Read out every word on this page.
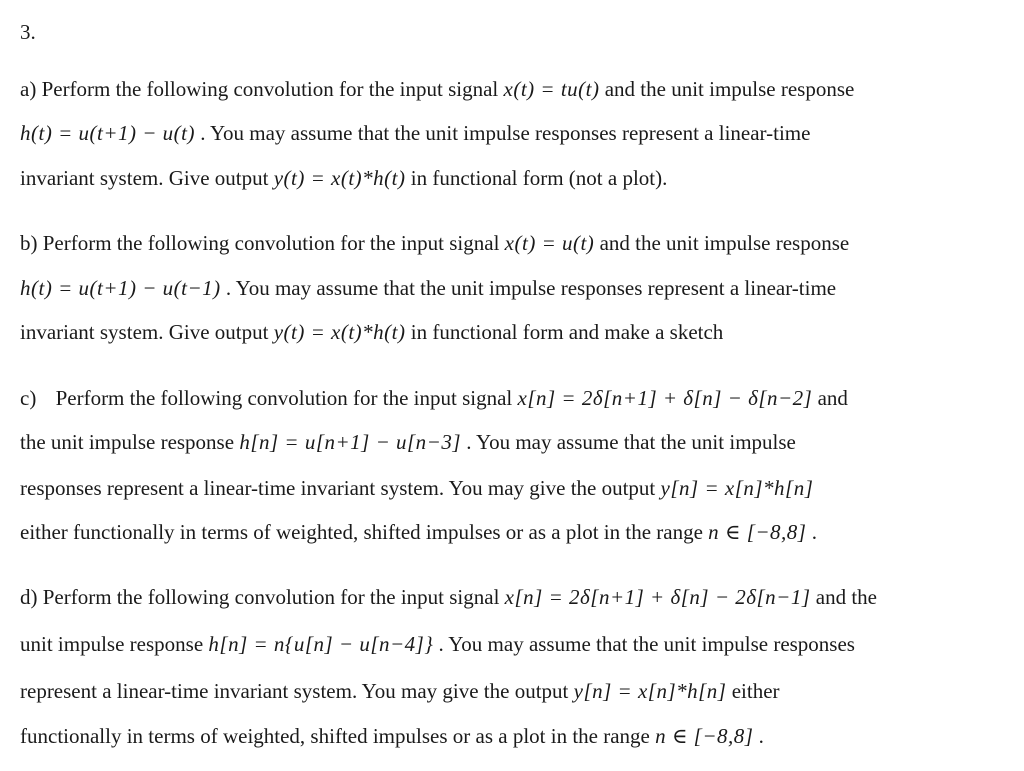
3.
a) Perform the following convolution for the input signal x(t) = tu(t) and the unit impulse response
h(t) = u(t+1) − u(t) . You may assume that the unit impulse responses represent a linear-time
invariant system. Give output y(t) = x(t)*h(t) in functional form (not a plot).
b) Perform the following convolution for the input signal x(t) = u(t) and the unit impulse response
h(t) = u(t+1) − u(t−1) . You may assume that the unit impulse responses represent a linear-time
invariant system. Give output y(t) = x(t)*h(t) in functional form and make a sketch
c) Perform the following convolution for the input signal x[n] = 2δ[n+1] + δ[n] − δ[n−2] and
the unit impulse response h[n] = u[n+1] − u[n−3] . You may assume that the unit impulse
responses represent a linear-time invariant system. You may give the output y[n] = x[n]*h[n]
either functionally in terms of weighted, shifted impulses or as a plot in the range n ∈ [−8,8] .
d) Perform the following convolution for the input signal x[n] = 2δ[n+1] + δ[n] − 2δ[n−1] and the
unit impulse response h[n] = n{u[n] − u[n−4]} . You may assume that the unit impulse responses
represent a linear-time invariant system. You may give the output y[n] = x[n]*h[n] either
functionally in terms of weighted, shifted impulses or as a plot in the range n ∈ [−8,8] .
